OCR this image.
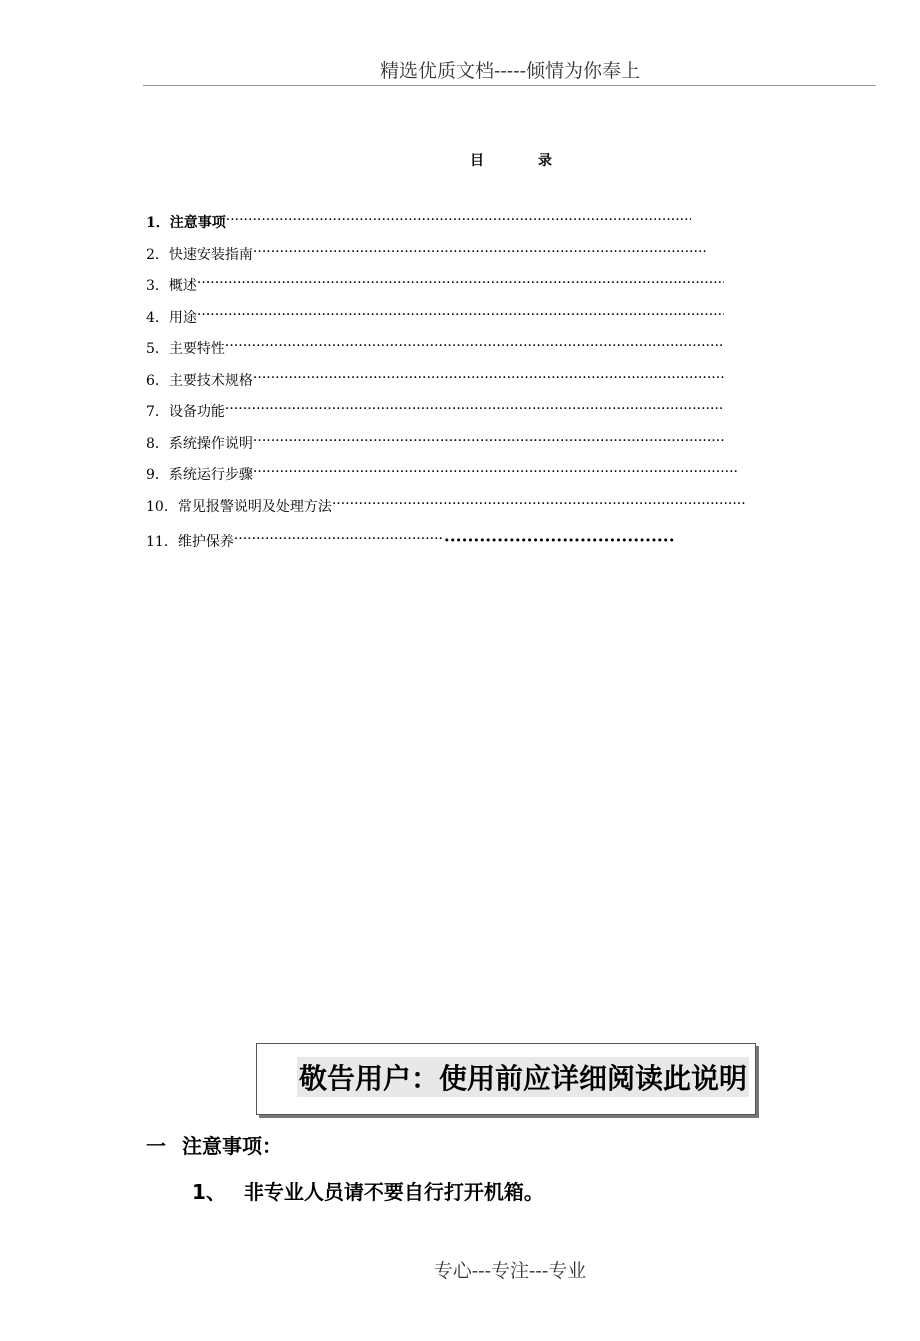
精选优质文档-----倾情为你奉上
目录
1．注意事项
·····
2．快速安装指南
·····
3．概述
·····
4．用途
·····
5．主要特性
·····
6．主要技术规格
·····
7．设备功能
·····
8．系统操作说明
·····
9．系统运行步骤
·····
10．常见报警说明及处理方法
·····
11．维护保养
·····
·····
敬告用户：使用前应详细阅读此说明
一 注意事项：
1、 非专业人员请不要自行打开机箱。
专心---专注---专业
